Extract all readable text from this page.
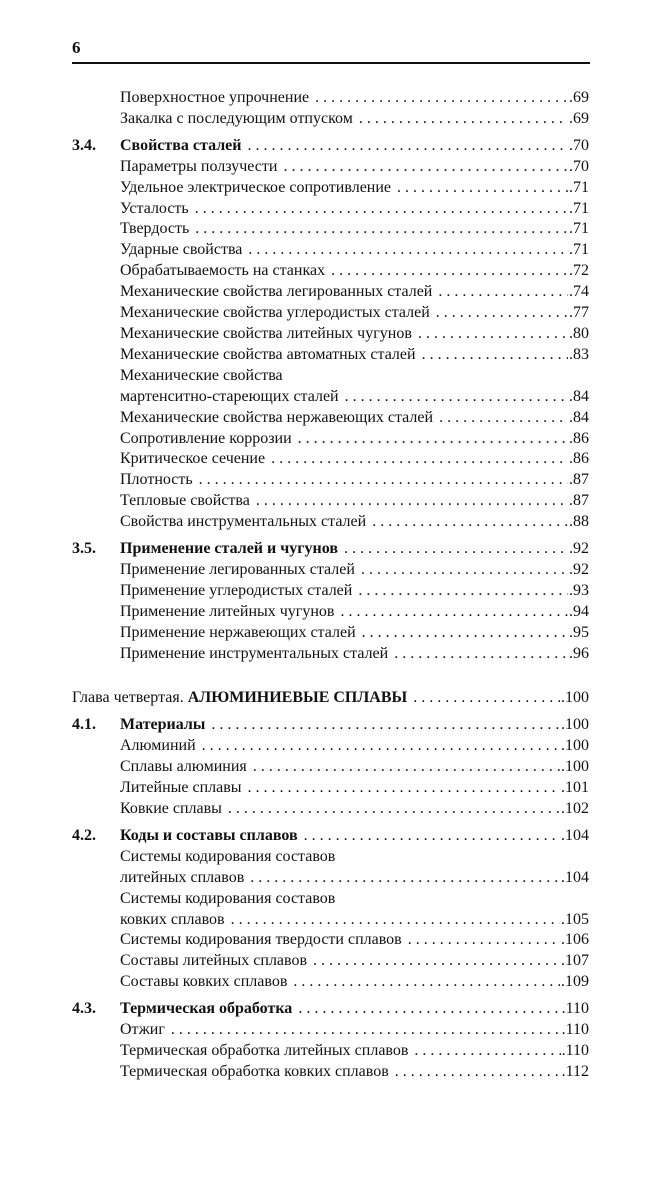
6
Поверхностное упрочнение . . .	.69
Закалка с последующим отпуском . . .	.69
3.4. Свойства сталей . . .	.70
Параметры ползучести . . .	.70
Удельное электрическое сопротивление . . .	.71
Усталость . . .	.71
Твердость . . .	.71
Ударные свойства . . .	.71
Обрабатываемость на станках . . .	.72
Механические свойства легированных сталей . . .	.74
Механические свойства углеродистых сталей . . .	.77
Механические свойства литейных чугунов . . .	.80
Механические свойства автоматных сталей . . .	.83
Механические свойства
мартенситно-стареющих сталей . . .	.84
Механические свойства нержавеющих сталей . . .	.84
Сопротивление коррозии . . .	.86
Критическое сечение . . .	.86
Плотность . . .	.87
Тепловые свойства . . .	.87
Свойства инструментальных сталей . . .	.88
3.5. Применение сталей и чугунов . . .	.92
Применение легированных сталей . . .	.92
Применение углеродистых сталей . . .	.93
Применение литейных чугунов . . .	.94
Применение нержавеющих сталей . . .	.95
Применение инструментальных сталей . . .	.96
Глава четвертая. АЛЮМИНИЕВЫЕ СПЛАВЫ . . .	.100
4.1. Материалы . . .	.100
Алюминий . . .	.100
Сплавы алюминия . . .	.100
Литейные сплавы . . .	.101
Ковкие сплавы . . .	.102
4.2. Коды и составы сплавов . . .	.104
Системы кодирования составов
литейных сплавов . . .	.104
Системы кодирования составов
ковких сплавов . . .	.105
Системы кодирования твердости сплавов . . .	.106
Составы литейных сплавов . . .	.107
Составы ковких сплавов . . .	.109
4.3. Термическая обработка . . .	.110
Отжиг . . .	.110
Термическая обработка литейных сплавов . . .	.110
Термическая обработка ковких сплавов . . .	.112
